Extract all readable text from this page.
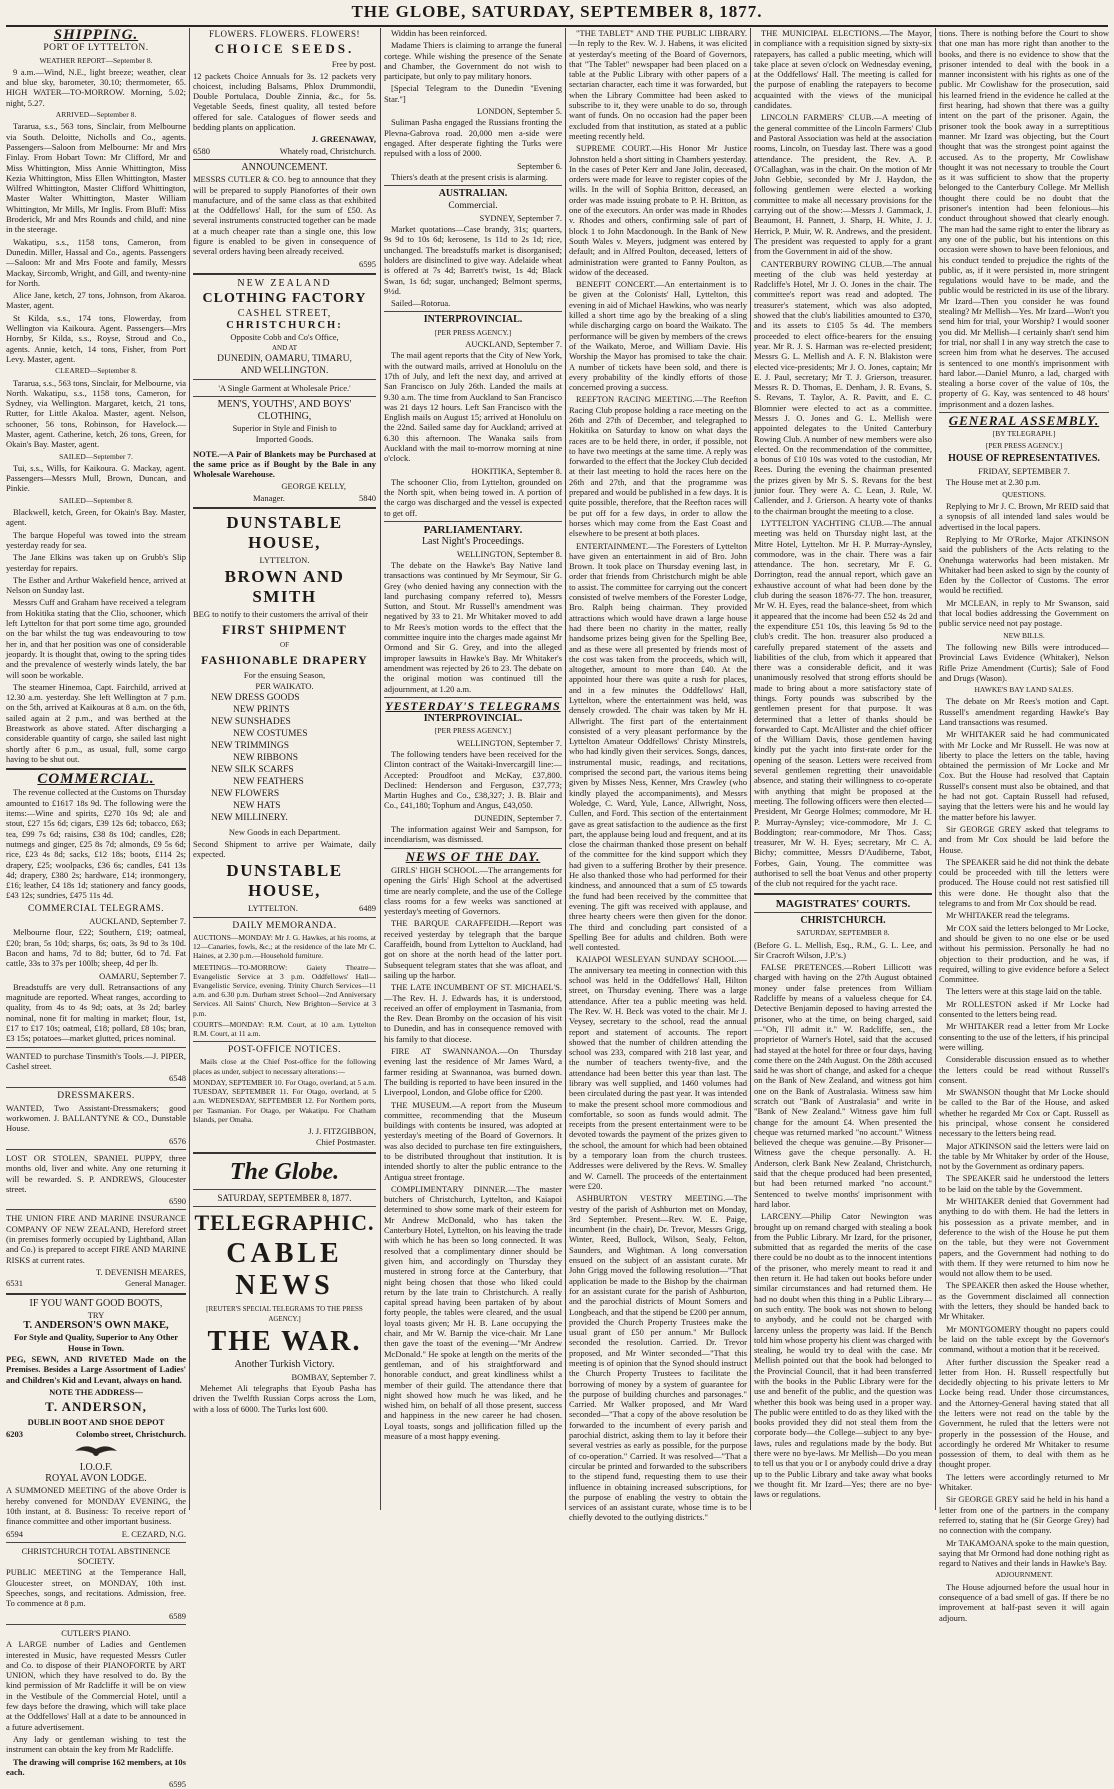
THE GLOBE, SATURDAY, SEPTEMBER 8, 1877.
SHIPPING.
PORT OF LYTTELTON.
WEATHER REPORT—September 8.

9 a.m.—Wind, N.E., light breeze; weather, clear and blue sky, barometer, 30.10; thermometer, 65. HIGH WATER—TO-MORROW. Morning, 5.02; night, 5.27.

ARRIVED—September 8.

Tararua, s.s., 563 tons, Sinclair, from Melbourne via South. Deloitte, Nicholls and Co., agents. Passengers—Saloon from Melbourne: Mr and Mrs Finlay. From Hobart Town: Mr Clifford, Mr and Miss Whittington, Miss Annie Whittington, Miss Kezia Whittington, Miss Ellen Whittington, Master Wilfred Whittington, Master Clifford Whittington, Master Walter Whittington, Master William Whittington, Mr Mills, Mr Inglis. From Bluff: Miss Broderick, Mr and Mrs Rounds and child, and nine in the steerage.

Wakatipu, s.s., 1158 tons, Cameron, from Dunedin. Miller, Hassal and Co., agents. Passengers—Saloon: Mr and Mrs Foote and family, Messrs Mackay, Sircomb, Wright, and Gill, and twenty-nine for North.

Alice Jane, ketch, 27 tons, Johnson, from Akaroa. Master, agent.

St Kilda, s.s., 174 tons, Flowerday, from Wellington via Kaikoura. Agent. Passengers—Mrs Hornby, Sr Kilda, s.s., Royse, Stroud and Co., agents. Annie, ketch, 14 tons, Fisher, from Port Levy. Master, agent.

CLEARED—September 8.

Tararua, s.s., 563 tons, Sinclair, for Melbourne, via North. Wakatipu, s.s., 1158 tons, Cameron, for Sydney, via Wellington. Margaret, ketch, 21 tons, Rutter, for Little Akaloa. Master, agent. Nelson, schooner, 56 tons, Robinson, for Havelock.—Master, agent. Catherine, ketch, 26 tons, Green, for Okain's Bay. Master, agent.

SAILED—September 7.

Tui, s.s., Wills, for Kaikoura. G. Mackay, agent. Passengers—Messrs Mull, Brown, Duncan, and Pinkie.

SAILED—September 8.

Blackwell, ketch, Green, for Okain's Bay. Master, agent.

The barque Hopeful was towed into the stream yesterday ready for sea.

The Jane Elkins was taken up on Grubb's Slip yesterday for repairs.

The Esther and Arthur Wakefield hence, arrived at Nelson on Sunday last.

Messrs Cuff and Graham have received a telegram from Hokitika stating that the Clio, schooner, which left Lyttelton for that port some time ago, grounded on the bar whilst the tug was endeavouring to tow her in, and that her position was one of considerable jeopardy. It is thought that, owing to the spring tides and the prevalence of westerly winds lately, the bar will soon be workable.

The steamer Hinemoa, Capt. Fairchild, arrived at 12.30 a.m. yesterday. She left Wellington at 7 p.m. on the 5th, arrived at Kaikouras at 8 a.m. on the 6th, sailed again at 2 p.m., and was berthed at the Breastwork as above stated. After discharging a considerable quantity of cargo, she sailed last night shortly after 6 p.m., as usual, full, some cargo having to be shut out.

COMMERCIAL.

The revenue collected at the Customs on Thursday amounted to £1617 18s 9d. The following were the items:—Wine and spirits, £270 10s 9d; ale and stout, £27 15s 6d; cigars, £39 12s 6d; tobacco, £63; tea, £99 7s 6d; raisins, £38 8s 10d; candles, £28; nutmegs and ginger, £25 8s 7d; almonds, £9 5s 6d; rice, £23 4s 8d; sacks, £12 18s; boots, £114 2s; drapery, £25; woolpacks, £36 6s; candles, £41 13s 4d; drapery, £380 2s; hardware, £14; ironmongery, £16; leather, £4 18s 1d; stationery and fancy goods, £43 12s; sundries, £475 11s 4d.

COMMERCIAL TELEGRAMS.
AUCKLAND, September 7.

Melbourne flour, £22; Southern, £19; oatmeal, £20; bran, 5s 10d; sharps, 6s; oats, 3s 9d to 3s 10d. Bacon and hams, 7d to 8d; butter, 6d to 7d. Fat cattle, 33s to 37s per 100lb; sheep, 4d per lb.

OAMARU, September 7.

Breadstuffs are very dull. Retransactions of any magnitude are reported. Wheat ranges, according to quality, from 4s to 4s 9d; oats, at 3s 2d; barley nominal, none fit for malting in market; flour, 1st, £17 to £17 10s; oatmeal, £18; pollard, £8 10s; bran, £3 15s; potatoes—market glutted, prices nominal.

WANTED to purchase Tinsmith's Tools.—J. PIPER, Cashel street.

6548
DRESSMAKERS.

WANTED, Two Assistant-Dressmakers; good workwomen. J. BALLANTYNE & CO., Dunstable House.

6576

LOST OR STOLEN, SPANIEL PUPPY, three months old, liver and white. Any one returning it will be rewarded. S. P. ANDREWS, Gloucester street.

6590

THE UNION FIRE AND MARINE INSURANCE COMPANY OF NEW ZEALAND, Hereford street (in premises formerly occupied by Lightband, Allan and Co.) is prepared to accept FIRE AND MARINE RISKS at current rates.

T. DEVENISH MEARES,
6531	General Manager.
IF YOU WANT GOOD BOOTS,
TRY
T. ANDERSON'S OWN MAKE,
For Style and Quality, Superior to Any Other House in Town.

PEG, SEWN, AND RIVETED Made on the Premises. Besides a Large Assortment of Ladies' and Children's Kid and Levant, always on hand.

NOTE THE ADDRESS—
T. ANDERSON,
DUBLIN BOOT AND SHOE DEPOT
6203	Colombo street, Christchurch.
I.O.O.F.
ROYAL AVON LODGE.

A SUMMONED MEETING of the above Order is hereby convened for MONDAY EVENING, the 10th instant, at 8. Business: To receive report of finance committee and other important business.

6594	E. CEZARD, N.G.
CHRISTCHURCH TOTAL ABSTINENCE SOCIETY.

PUBLIC MEETING at the Temperance Hall, Gloucester street, on MONDAY, 10th inst. Speeches, songs, and recitations. Admission, free. To commence at 8 p.m.

6589
CUTLER'S PIANO.

A LARGE number of Ladies and Gentlemen interested in Music, have requested Messrs Cutler and Co. to dispose of their PIANOFORTE by ART UNION, which they have resolved to do. By the kind permission of Mr Radcliffe it will be on view in the Vestibule of the Commercial Hotel, until a few days before the drawing, which will take place at the Oddfellows' Hall at a date to be announced in a future advertisement.

Any lady or gentleman wishing to test the instrument can obtain the key from Mr Radcliffe.

The drawing will comprise 162 members, at 10s each.

6595
FLOWERS. FLOWERS. FLOWERS!
CHOICE SEEDS.
Free by post.

12 packets Choice Annuals for 3s. 12 packets very choicest, including Balsams, Phlox Drummondii, Double Portulaca, Double Zinnia, &c., for 5s. Vegetable Seeds, finest quality, all tested before offered for sale. Catalogues of flower seeds and bedding plants on application.

J. GREENAWAY,
6580	Whately road, Christchurch.
ANNOUNCEMENT.

MESSRS CUTLER & CO. beg to announce that they will be prepared to supply Pianofortes of their own manufacture, and of the same class as that exhibited at the Oddfellows' Hall, for the sum of £50. As several instruments constructed together can be made at a much cheaper rate than a single one, this low figure is enabled to be given in consequence of several orders having been already received.

6595
NEW ZEALAND
CLOTHING FACTORY
CASHEL STREET,
CHRISTCHURCH:
Opposite Cobb and Co's Office,
AND AT
DUNEDIN, OAMARU, TIMARU,
AND WELLINGTON.
'A Single Garment at Wholesale Price.'
MEN'S, YOUTHS', AND BOYS'
CLOTHING,
Superior in Style and Finish to
Imported Goods.

NOTE.—A Pair of Blankets may be Purchased at the same price as if Bought by the Bale in any Wholesale Warehouse.

GEORGE KELLY,
Manager.	5840
DUNSTABLE HOUSE,
LYTTELTON.
BROWN AND SMITH

BEG to notify to their customers the arrival of their

FIRST SHIPMENT
OF
FASHIONABLE DRAPERY
For the ensuing Season,
PER WAIKATO.
NEW DRESS GOODS
NEW PRINTS
NEW SUNSHADES
NEW COSTUMES
NEW TRIMMINGS
NEW RIBBONS
NEW SILK SCARFS
NEW FEATHERS
NEW FLOWERS
NEW HATS
NEW MILLINERY.
New Goods in each Department.

Second Shipment to arrive per Waimate, daily expected.

DUNSTABLE HOUSE,
LYTTELTON.	6489
DAILY MEMORANDA.

AUCTIONS—MONDAY: Mr J. G. Hawkes, at his rooms, at 12—Canaries, fowls, &c.; at the residence of the late Mr C. Haines, at 2.30 p.m.—Household furniture.

MEETINGS—TO-MORROW: Gaiety Theatre—Evangelistic Service at 3 p.m. Oddfellows' Hall—Evangelistic Service, evening. Trinity Church Services—11 a.m. and 6.30 p.m. Durham street School—2nd Anniversary Services. All Saints' Church, New Brighton—Service at 3 p.m.

COURTS—MONDAY: R.M. Court, at 10 a.m. Lyttelton R.M. Court, at 11 a.m.

POST-OFFICE NOTICES.

Mails close at the Chief Post-office for the following places as under, subject to necessary alterations:—

MONDAY, SEPTEMBER 10. For Otago, overland, at 5 a.m. TUESDAY, SEPTEMBER 11. For Otago, overland, at 5 a.m. WEDNESDAY, SEPTEMBER 12. For Northern ports, per Tasmanian. For Otago, per Wakatipu. For Chatham Islands, per Omaha.

J. J. FITZGIBBON,
Chief Postmaster.
The Globe.
SATURDAY, SEPTEMBER 8, 1877.
TELEGRAPHIC.
CABLE NEWS
[REUTER'S SPECIAL TELEGRAMS TO THE PRESS AGENCY.]
THE WAR.
Another Turkish Victory.
BOMBAY, September 7.

Mehemet Ali telegraphs that Eyoub Pasha has driven the Twelfth Russian Corps across the Lom, with a loss of 6000. The Turks lost 600.

Widdin has been reinforced.

Madame Thiers is claiming to arrange the funeral cortege. While wishing the presence of the Senate and Chamber, the Government do not wish to participate, but only to pay military honors.

[Special Telegram to the Dunedin "Evening Star."]

LONDON, September 5.

Suliman Pasha engaged the Russians fronting the Plevna-Gabrova road. 20,000 men a-side were engaged. After desperate fighting the Turks were repulsed with a loss of 2000.

September 6.

Thiers's death at the present crisis is alarming.

AUSTRALIAN.
Commercial.
SYDNEY, September 7.

Market quotations—Case brandy, 31s; quarters, 9s 9d to 10s 6d; kerosene, 1s 11d to 2s 1d; rice, unchanged. The breadstuffs market is disorganised; holders are disinclined to give way. Adelaide wheat is offered at 7s 4d; Barrett's twist, 1s 4d; Black Swan, 1s 6d; sugar, unchanged; Belmont sperms, 9½d.

Sailed—Rotorua.

INTERPROVINCIAL.
[PER PRESS AGENCY.]
AUCKLAND, September 7.

The mail agent reports that the City of New York, with the outward mails, arrived at Honolulu on the 17th of July, and left the next day, and arrived at San Francisco on July 26th. Landed the mails at 9.30 a.m. The time from Auckland to San Francisco was 21 days 12 hours. Left San Francisco with the English mails on August 15; arrived at Honolulu on the 22nd. Sailed same day for Auckland; arrived at 6.30 this afternoon. The Wanaka sails from Auckland with the mail to-morrow morning at nine o'clock.

HOKITIKA, September 8.

The schooner Clio, from Lyttelton, grounded on the North spit, when being towed in. A portion of the cargo was discharged and the vessel is expected to get off.

PARLIAMENTARY.
Last Night's Proceedings.
WELLINGTON, September 8.

The debate on the Hawke's Bay Native land transactions was continued by Mr Seymour, Sir G. Grey (who denied having any connection with the land purchasing company referred to), Messrs Sutton, and Stout. Mr Russell's amendment was negatived by 33 to 21. Mr Whitaker moved to add to Mr Rees's motion words to the effect that the committee inquire into the charges made against Mr Ormond and Sir G. Grey, and into the alleged improper lawsuits in Hawke's Bay. Mr Whitaker's amendment was rejected by 26 to 23. The debate on the original motion was continued till the adjournment, at 1.20 a.m.

YESTERDAY'S TELEGRAMS
INTERPROVINCIAL.
[PER PRESS AGENCY.]
WELLINGTON, September 7.

The following tenders have been received for the Clinton contract of the Waitaki-Invercargill line:—Accepted: Proudfoot and McKay, £37,800. Declined: Henderson and Ferguson, £37,773; Martin Hughes and Co., £38,327; J. B. Blair and Co., £41,180; Tophum and Angus, £43,050.

DUNEDIN, September 7.

The information against Weir and Sampson, for incendiarism, was dismissed.

NEWS OF THE DAY.

GIRLS' HIGH SCHOOL.—The arrangements for opening the Girls' High School at the advertised time are nearly complete, and the use of the College class rooms for a few weeks was sanctioned at yesterday's meeting of Governors.

THE BARQUE CARAFFEIDH.—Report was received yesterday by telegraph that the barque Caraffeidh, bound from Lyttelton to Auckland, had got on shore at the north head of the latter port. Subsequent telegram states that she was afloat, and sailing up the harbor.

THE LATE INCUMBENT OF ST. MICHAEL'S.—The Rev. H. J. Edwards has, it is understood, received an offer of employment in Tasmania, from the Rev. Dean Bromby on the occasion of his visit to Dunedin, and has in consequence removed with his family to that diocese.

FIRE AT SWANNANOA.—On Thursday evening last the residence of Mr James Ward, a farmer residing at Swannanoa, was burned down. The building is reported to have been insured in the Liverpool, London, and Globe office for £200.

THE MUSEUM.—A report from the Museum committee, recommending that the Museum buildings with contents be insured, was adopted at yesterday's meeting of the Board of Governors. It was also decided to purchase ten fire extinguishers, to be distributed throughout that institution. It is intended shortly to alter the public entrance to the Antigua street frontage.

COMPLIMENTARY DINNER.—The master butchers of Christchurch, Lyttelton, and Kaiapoi determined to show some mark of their esteem for Mr Andrew McDonald, who has taken the Canterbury Hotel, Lyttelton, on his leaving the trade with which he has been so long connected. It was resolved that a complimentary dinner should be given him, and accordingly on Thursday they mustered in strong force at the Canterbury, that night being chosen that those who liked could return by the late train to Christchurch. A really capital spread having been partaken of by about forty people, the tables were cleared, and the usual loyal toasts given; Mr H. B. Lane occupying the chair, and Mr W. Barnip the vice-chair. Mr Lane then gave the toast of the evening—"Mr Andrew McDonald." He spoke at length on the merits of the gentleman, and of his straightforward and honorable conduct, and great kindliness whilst a member of their guild. The attendance there that night showed how much he was liked, and he wished him, on behalf of all those present, success and happiness in the new career he had chosen. Loyal toasts, songs and jollification filled up the measure of a most happy evening.

"THE TABLET" AND THE PUBLIC LIBRARY.—In reply to the Rev. W. J. Habens, it was elicited at yesterday's meeting of the Board of Governors, that "The Tablet" newspaper had been placed on a table at the Public Library with other papers of a sectarian character, each time it was forwarded, but when the Library Committee had been asked to subscribe to it, they were unable to do so, through want of funds. On no occasion had the paper been excluded from that institution, as stated at a public meeting recently held.

SUPREME COURT.—His Honor Mr Justice Johnston held a short sitting in Chambers yesterday. In the cases of Peter Kerr and Jane Jolin, deceased, orders were made for leave to register copies of the wills. In the will of Sophia Britton, deceased, an order was made issuing probate to P. H. Britton, as one of the executors. An order was made in Rhodes v. Rhodes and others, confirming sale of part of block 1 to John Macdonough. In the Bank of New South Wales v. Meyers, judgment was entered by default; and in Alfred Poulton, deceased, letters of administration were granted to Fanny Poulton, as widow of the deceased.

BENEFIT CONCERT.—An entertainment is to be given at the Colonists' Hall, Lyttelton, this evening in aid of Michael Hawkins, who was nearly killed a short time ago by the breaking of a sling while discharging cargo on board the Waikato. The performance will be given by members of the crews of the Waikato, Meroe, and William Davie. His Worship the Mayor has promised to take the chair. A number of tickets have been sold, and there is every probability of the kindly efforts of those concerned proving a success.

REEFTON RACING MEETING.—The Reefton Racing Club propose holding a race meeting on the 26th and 27th of December, and telegraphed to Hokitika on Saturday to know on what days the races are to be held there, in order, if possible, not to have two meetings at the same time. A reply was forwarded to the effect that the Jockey Club decided at their last meeting to hold the races here on the 26th and 27th, and that the programme was prepared and would be published in a few days. It is quite possible, therefore, that the Reefton races will be put off for a few days, in order to allow the horses which may come from the East Coast and elsewhere to be present at both places.

ENTERTAINMENT.—The Foresters of Lyttelton have given an entertainment in aid of Bro. John Brown. It took place on Thursday evening last, in order that friends from Christchurch might be able to assist. The committee for carrying out the concert consisted of twelve members of the Forester Lodge, Bro. Ralph being chairman. They provided attractions which would have drawn a large house had there been no charity in the matter, really handsome prizes being given for the Spelling Bee, and as these were all presented by friends most of the cost was taken from the proceeds, which will, altogether, amount to more than £40. At the appointed hour there was quite a rush for places, and in a few minutes the Oddfellows' Hall, Lyttelton, where the entertainment was held, was densely crowded. The chair was taken by Mr H. Allwright. The first part of the entertainment consisted of a very pleasant performance by the Lyttelton Amateur Oddfellows' Christy Minstrels, who had kindly given their services. Songs, dances, instrumental music, readings, and recitations, comprised the second part, the various items being given by Misses Ness, Kenner, Mrs Crawley (who kindly played the accompaniments), and Messrs Woledge, C. Ward, Yule, Lance, Allwright, Noss, Cullen, and Ford. This section of the entertainment gave as great satisfaction to the audience as the first part, the applause being loud and frequent, and at its close the chairman thanked those present on behalf of the committee for the kind support which they had given to a suffering Brother by their presence. He also thanked those who had performed for their kindness, and announced that a sum of £5 towards the fund had been received by the committee that evening. The gift was received with applause, and three hearty cheers were then given for the donor. The third and concluding part consisted of a Spelling Bee for adults and children. Both were well contested.

KAIAPOI WESLEYAN SUNDAY SCHOOL.—The anniversary tea meeting in connection with this school was held in the Oddfellows' Hall, Hilton street, on Thursday evening. There was a large attendance. After tea a public meeting was held. The Rev. W. H. Beck was voted to the chair. Mr J. Veysey, secretary to the school, read the annual report and statement of accounts. The report showed that the number of children attending the school was 233, compared with 218 last year, and the number of teachers twenty-five, and the attendance had been better this year than last. The library was well supplied, and 1460 volumes had been circulated during the past year. It was intended to make the present school more commodious and comfortable, so soon as funds would admit. The receipts from the present entertainment were to be devoted towards the payment of the prizes given to the school, the amount for which had been obtained by a temporary loan from the church trustees. Addresses were delivered by the Revs. W. Smalley and W. Carnell. The proceeds of the entertainment were £20.

ASHBURTON VESTRY MEETING.—The vestry of the parish of Ashburton met on Monday, 3rd September. Present—Rev. W. E. Paige, incumbent (in the chair), Dr. Trevor, Messrs Grigg, Winter, Reed, Bullock, Wilson, Sealy, Felton, Saunders, and Wightman. A long conversation ensued on the subject of an assistant curate. Mr John Grigg moved the following resolution—"That application be made to the Bishop by the chairman for an assistant curate for the parish of Ashburton, and the parochial districts of Mount Somers and Longbeach, and that the stipend be £200 per annum, provided the Church Property Trustees make the usual grant of £50 per annum." Mr Bullock seconded the resolution. Carried. Dr. Trevor proposed, and Mr Winter seconded—"That this meeting is of opinion that the Synod should instruct the Church Property Trustees to facilitate the borrowing of money by a system of guarantee for the purpose of building churches and parsonages." Carried. Mr Walker proposed, and Mr Ward seconded—"That a copy of the above resolution be forwarded to the incumbent of every parish and parochial district, asking them to lay it before their several vestries as early as possible, for the purpose of co-operation." Carried. It was resolved—"That a circular be printed and forwarded to the subscribers to the stipend fund, requesting them to use their influence in obtaining increased subscriptions, for the purpose of enabling the vestry to obtain the services of an assistant curate, whose time is to be chiefly devoted to the outlying districts."

THE MUNICIPAL ELECTIONS.—The Mayor, in compliance with a requisition signed by sixty-six ratepayers, has called a public meeting, which will take place at seven o'clock on Wednesday evening, at the Oddfellows' Hall. The meeting is called for the purpose of enabling the ratepayers to become acquainted with the views of the municipal candidates.

LINCOLN FARMERS' CLUB.—A meeting of the general committee of the Lincoln Farmers' Club and Pastoral Association was held at the association rooms, Lincoln, on Tuesday last. There was a good attendance. The president, the Rev. A. P. O'Callaghan, was in the chair. On the motion of Mr John Gebbie, seconded by Mr J. Haydon, the following gentlemen were elected a working committee to make all necessary provisions for the carrying out of the show:—Messrs J. Gammack, J. Beaumont, H. Pannett, J. Sharp, H. White, J. J. Herrick, P. Muir, W. R. Andrews, and the president. The president was requested to apply for a grant from the Government in aid of the show.

CANTERBURY ROWING CLUB.—The annual meeting of the club was held yesterday at Radcliffe's Hotel, Mr J. O. Jones in the chair. The committee's report was read and adopted. The treasurer's statement, which was also adopted, showed that the club's liabilities amounted to £370, and its assets to £105 5s 4d. The members proceeded to elect office-bearers for the ensuing year. Mr R. J. S. Harman was re-elected president; Messrs G. L. Mellish and A. F. N. Blakiston were elected vice-presidents; Mr J. O. Jones, captain; Mr E. J. Paul, secretary; Mr T. J. Grierson, treasurer. Messrs R. D. Thomas, E. Denham, J. R. Evans, S. S. Revans, T. Taylor, A. R. Pavitt, and E. C. Blomnier were elected to act as a committee. Messrs J. O. Jones and G. L. Mellish were appointed delegates to the United Canterbury Rowing Club. A number of new members were also elected. On the recommendation of the committee, a bonus of £10 10s was voted to the custodian, Mr Rees. During the evening the chairman presented the prizes given by Mr S. S. Revans for the best junior four. They were A. C. Lean, J. Rule, W. Callender, and J. Grierson. A hearty vote of thanks to the chairman brought the meeting to a close.

LYTTELTON YACHTING CLUB.—The annual meeting was held on Thursday night last, at the Mitre Hotel, Lyttelton. Mr H. P. Murray-Aynsley, commodore, was in the chair. There was a fair attendance. The hon. secretary, Mr F. G. Dorrington, read the annual report, which gave an exhaustive account of what had been done by the club during the season 1876-77. The hon. treasurer, Mr W. H. Eyes, read the balance-sheet, from which it appeared that the income had been £52 4s 2d and the expenditure £51 10s, this leaving 5s 9d to the club's credit. The hon. treasurer also produced a carefully prepared statement of the assets and liabilities of the club, from which it appeared that there was a considerable deficit, and it was unanimously resolved that strong efforts should be made to bring about a more satisfactory state of things. Forty pounds was subscribed by the gentlemen present for that purpose. It was determined that a letter of thanks should be forwarded to Capt. McAllister and the chief officer of the William Davis, those gentlemen having kindly put the yacht into first-rate order for the opening of the season. Letters were received from several gentlemen regretting their unavoidable absence, and stating their willingness to co-operate with anything that might be proposed at the meeting. The following officers were then elected—President, Mr George Holmes; commodore, Mr H. P. Murray-Aynsley; vice-commodore, Mr J. C. Boddington; rear-commodore, Mr Thos. Cass; treasurer, Mr W. H. Eyes; secretary, Mr C. A. Bichy; committee, Messrs D'Audiberne, Tabot, Forbes, Gain, Young. The committee was authorised to sell the boat Venus and other property of the club not required for the yacht race.

MAGISTRATES' COURTS.
CHRISTCHURCH.
SATURDAY, SEPTEMBER 8.

(Before G. L. Mellish, Esq., R.M., G. L. Lee, and Sir Cracroft Wilson, J.P.'s.)

FALSE PRETENCES.—Robert Lillicott was charged with having on the 27th August obtained money under false pretences from William Radcliffe by means of a valueless cheque for £4. Detective Benjamin deposed to having arrested the prisoner, who at the time, on being charged, said—"Oh, I'll admit it." W. Radcliffe, sen., the proprietor of Warner's Hotel, said that the accused had stayed at the hotel for three or four days, having come there on the 24th August. On the 28th accused said he was short of change, and asked for a cheque on the Bank of New Zealand, and witness got him one on the Bank of Australasia. Witness saw him scratch out "Bank of Australasia" and write in "Bank of New Zealand." Witness gave him full change for the amount £4. When presented the cheque was returned marked "no account." Witness believed the cheque was genuine.—By Prisoner—Witness gave the cheque personally. A. H. Anderson, clerk Bank New Zealand, Christchurch, said that the cheque produced had been presented, but had been returned marked "no account." Sentenced to twelve months' imprisonment with hard labor.

LARCENY.—Philip Cator Newington was brought up on remand charged with stealing a book from the Public Library. Mr Izard, for the prisoner, submitted that as regarded the merits of the case there could be no doubt as to the innocent intentions of the prisoner, who merely meant to read it and then return it. He had taken out books before under similar circumstances and had returned them. He had no doubt when this thing in a Public Library—on such entity. The book was not shown to belong to anybody, and he could not be charged with larceny unless the property was laid. If the Bench told him whose property his client was charged with stealing, he would try to deal with the case. Mr Mellish pointed out that the book had belonged to the Provincial Council, that it had been transferred with the books in the Public Library were for the use and benefit of the public, and the question was whether this book was being used in a proper way. The public were entitled to do as they liked with the books provided they did not steal them from the corporate body—the College—subject to any bye-laws, rules and regulations made by the body. But there were no bye-laws. Mr Mellish—Do you mean to tell us that you or I or anybody could drive a dray up to the Public Library and take away what books we thought fit. Mr Izard—Yes; there are no bye-laws or regulations.

tions. There is nothing before the Court to show that one man has more right than another to the books, and there is no evidence to show that the prisoner intended to deal with the book in a manner inconsistent with his rights as one of the public. Mr Cowlishaw for the prosecution, said his learned friend in the evidence he called at the first hearing, had shown that there was a guilty intent on the part of the prisoner. Again, the prisoner took the book away in a surreptitious manner. Mr Izard was objecting, but the Court thought that was the strongest point against the accused. As to the property, Mr Cowlishaw thought it was not necessary to trouble the Court as it was sufficient to show that the property belonged to the Canterbury College. Mr Mellish thought there could be no doubt that the prisoner's intention had been felonious—his conduct throughout showed that clearly enough. The man had the same right to enter the library as any one of the public, but his intentions on this occasion were shown to have been felonious, and his conduct tended to prejudice the rights of the public, as, if it were persisted in, more stringent regulations would have to be made, and the public would be restricted in its use of the library. Mr Izard—Then you consider he was found stealing? Mr Mellish—Yes. Mr Izard—Won't you send him for trial, your Worship? I would sooner you did. Mr Mellish—I certainly shan't send him for trial, nor shall I in any way stretch the case to screen him from what he deserves. The accused is sentenced to one month's imprisonment with hard labor.—Daniel Munro, a lad, charged with stealing a horse cover of the value of 10s, the property of G. Kay, was sentenced to 48 hours' imprisonment and a dozen lashes.

GENERAL ASSEMBLY.
[BY TELEGRAPH.]
[PER PRESS AGENCY.]
HOUSE OF REPRESENTATIVES.
FRIDAY, SEPTEMBER 7.

The House met at 2.30 p.m.

QUESTIONS.

Replying to Mr J. C. Brown, Mr REID said that a synopsis of all intended land sales would be advertised in the local papers.

Replying to Mr O'Rorke, Major ATKINSON said the publishers of the Acts relating to the Onehunga waterworks had been mistaken. Mr Whitaker had been asked to sign by the county of Eden by the Collector of Customs. The error would be rectified.

Mr MCLEAN, in reply to Mr Swanson, said that local bodies addressing the Government on public service need not pay postage.

NEW BILLS.

The following new Bills were introduced—Provincial Laws Evidence (Whitaker), Nelson Rifle Prize Amendment (Curtis); Sale of Food and Drugs (Wason).

HAWKE'S BAY LAND SALES.

The debate on Mr Rees's motion and Capt. Russell's amendment regarding Hawke's Bay Land transactions was resumed.

Mr WHITAKER said he had communicated with Mr Locke and Mr Russell. He was now at liberty to place the letters on the table, having obtained the permission of Mr Locke and Mr Cox. But the House had resolved that Captain Russell's consent must also be obtained, and that he had not got. Captain Russell had refused, saying that the letters were his and he would lay the matter before his lawyer.

Sir GEORGE GREY asked that telegrams to and from Mr Cox should be laid before the House.

The SPEAKER said he did not think the debate could be proceeded with till the letters were produced. The House could not rest satisfied till this were done. He thought also that the telegrams to and from Mr Cox should be read.

Mr WHITAKER read the telegrams.

Mr COX said the letters belonged to Mr Locke, and should be given to no one else or be used without his permission. Personally he had no objection to their production, and he was, if required, willing to give evidence before a Select Committee.

The letters were at this stage laid on the table.

Mr ROLLESTON asked if Mr Locke had consented to the letters being read.

Mr WHITAKER read a letter from Mr Locke consenting to the use of the letters, if his principal were willing.

Considerable discussion ensued as to whether the letters could be read without Russell's consent.

Mr SWANSON thought that Mr Locke should be called to the Bar of the House, and asked whether he regarded Mr Cox or Capt. Russell as his principal, whose consent he considered necessary to the letters being read.

Major ATKINSON said the letters were laid on the table by Mr Whitaker by order of the House, not by the Government as ordinary papers.

The SPEAKER said he understood the letters to be laid on the table by the Government.

Mr WHITAKER denied that Government had anything to do with them. He had the letters in his possession as a private member, and in deference to the wish of the House he put them on the table, but they were not Government papers, and the Government had nothing to do with them. If they were returned to him now he would not allow them to be used.

The SPEAKER then asked the House whether, as the Government disclaimed all connection with the letters, they should be handed back to Mr Whitaker.

Mr MONTGOMERY thought no papers could be laid on the table except by the Governor's command, without a motion that it be received.

After further discussion the Speaker read a letter from Hon. H. Russell respectfully but decidedly objecting to his private letters to Mr Locke being read. Under those circumstances, and the Attorney-General having stated that all the letters were not read on the table by the Government, he ruled that the letters were not properly in the possession of the House, and accordingly he ordered Mr Whitaker to resume possession of them, to deal with them as he thought proper.

The letters were accordingly returned to Mr Whitaker.

Sir GEORGE GREY said he held in his hand a letter from one of the partners in the company referred to, stating that he (Sir George Grey) had no connection with the company.

Mr TAKAMOANA spoke to the main question, saying that Mr Ormond had done nothing right as regard to Natives and their lands in Hawke's Bay.

ADJOURNMENT.

The House adjourned before the usual hour in consequence of a bad smell of gas. If there be no improvement at half-past seven it will again adjourn.
